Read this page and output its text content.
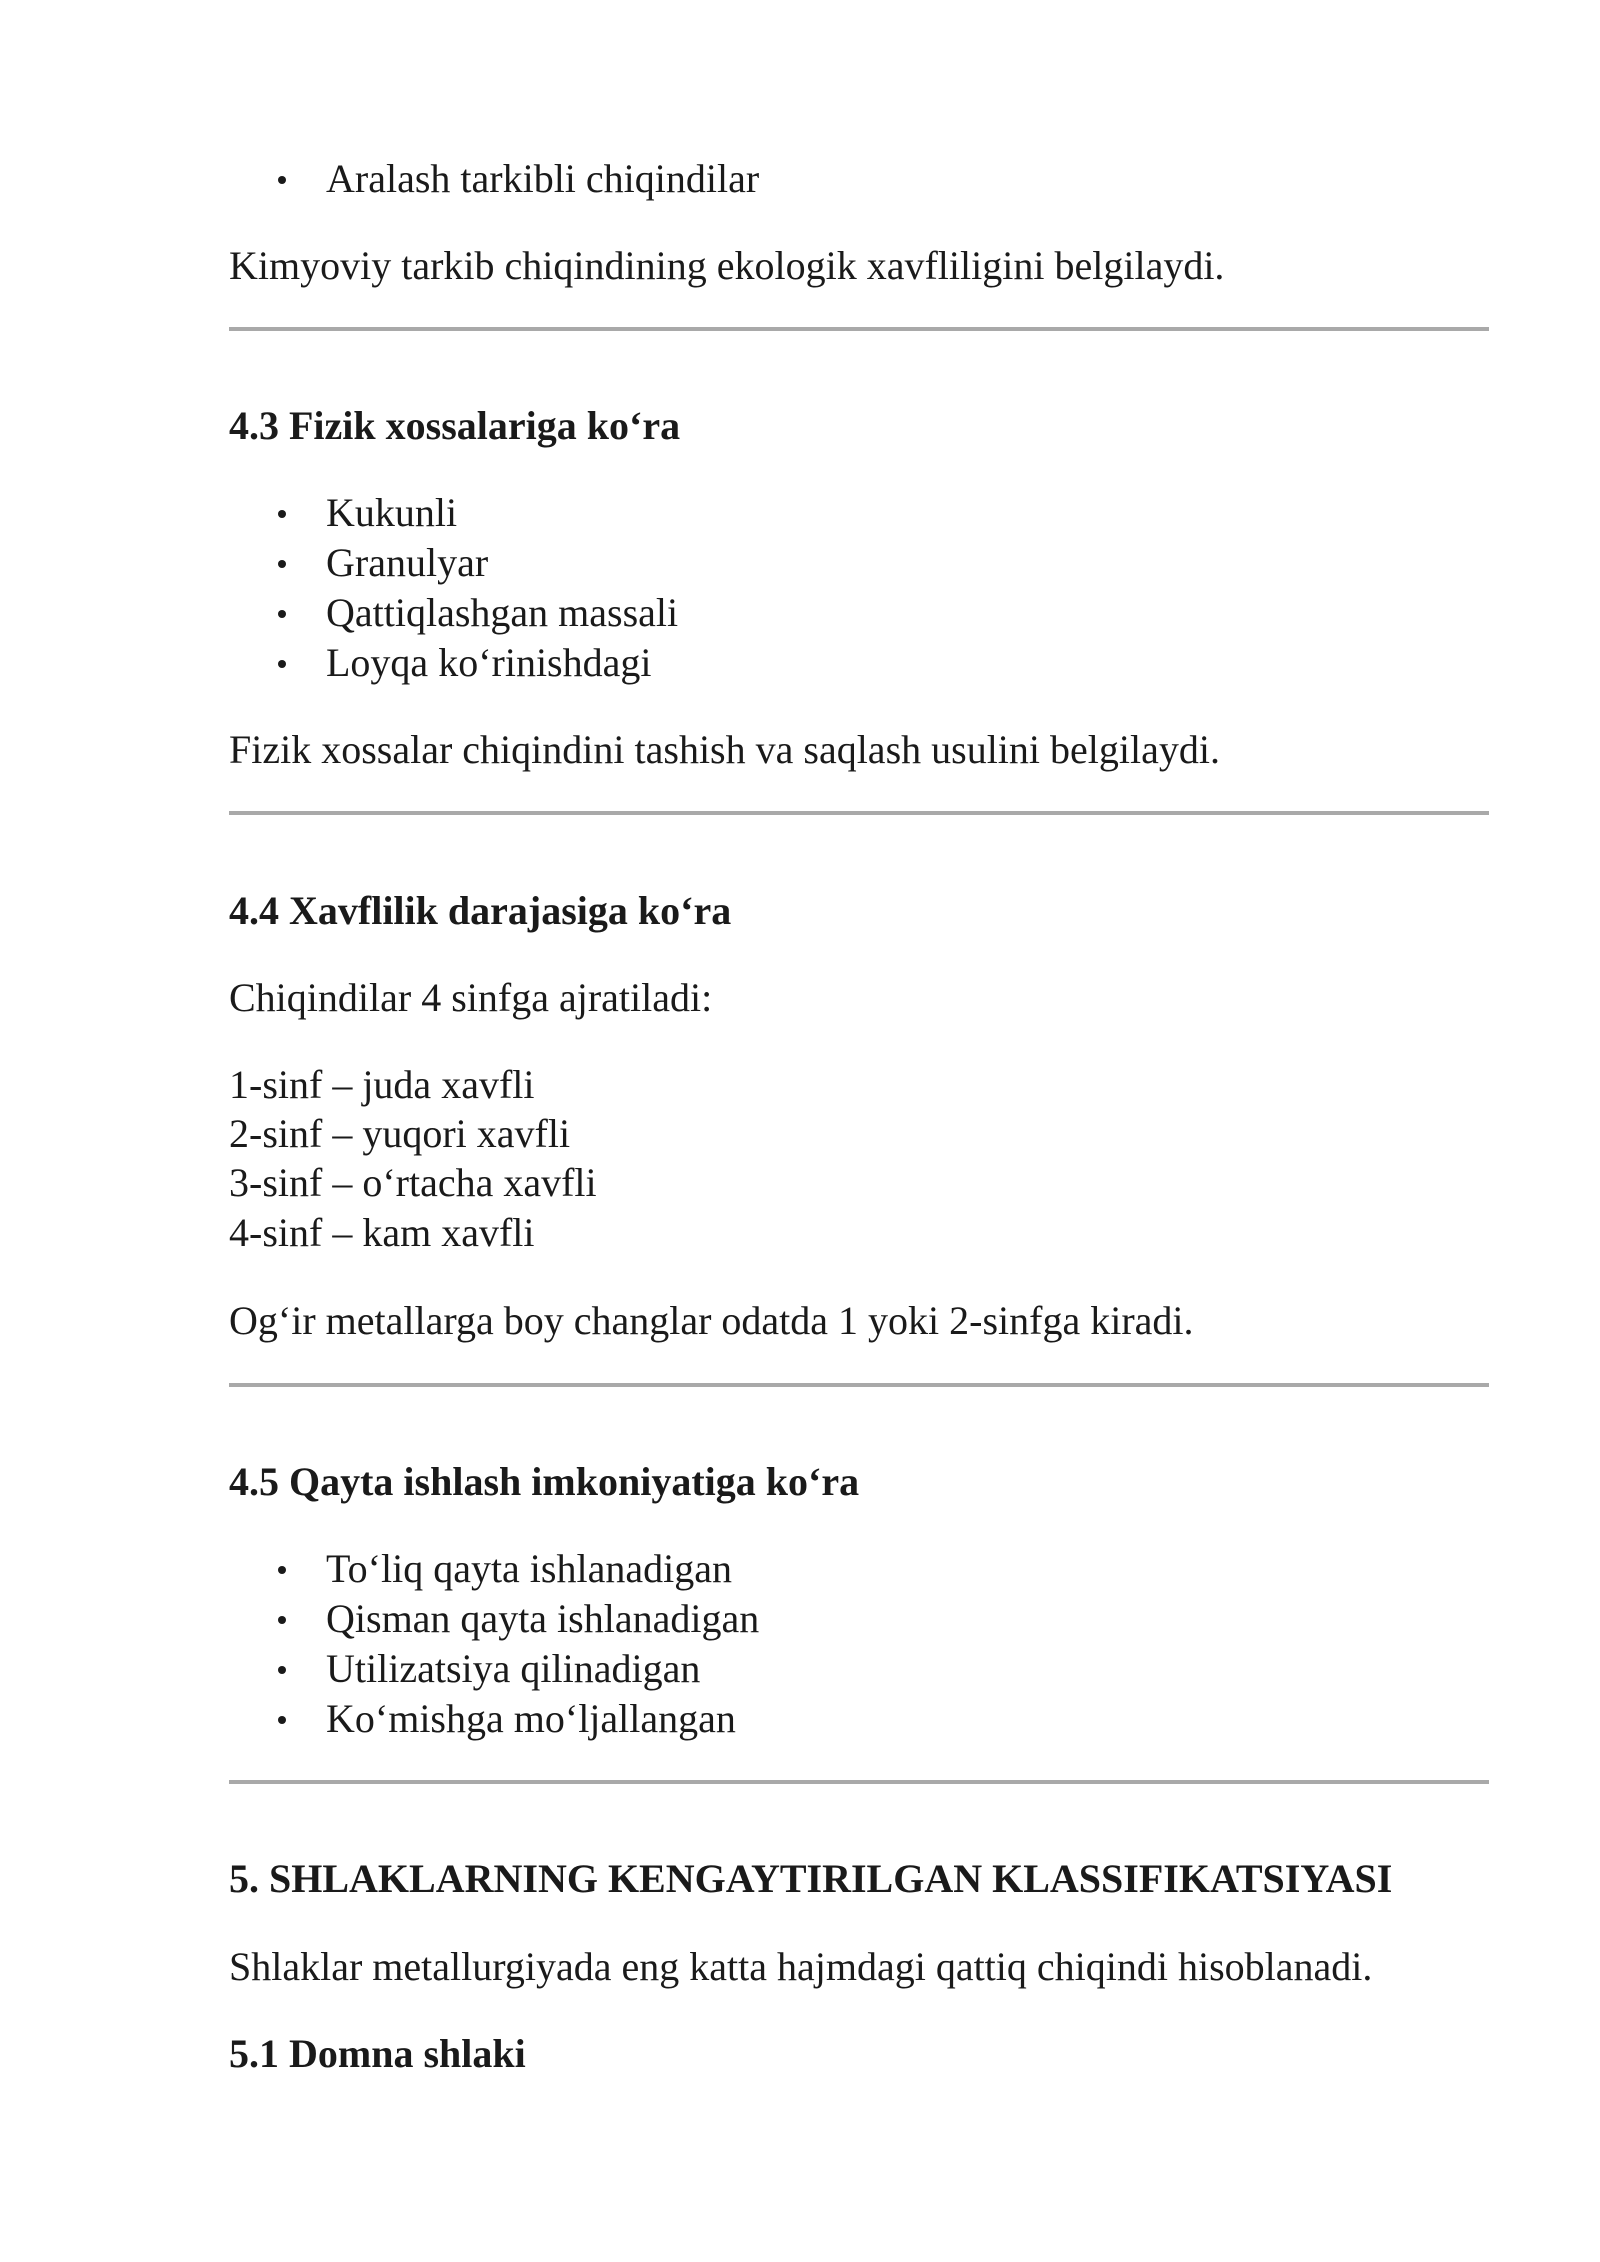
Aralash tarkibli chiqindilar

Kimyoviy tarkib chiqindining ekologik xavfliligini belgilaydi.

4.3 Fizik xossalariga ko‘ra

Kukunli

Granulyar

Qattiqlashgan massali

Loyqa ko‘rinishdagi

Fizik xossalar chiqindini tashish va saqlash usulini belgilaydi.

4.4 Xavflilik darajasiga ko‘ra

Chiqindilar 4 sinfga ajratiladi:

1-sinf – juda xavfli

2-sinf – yuqori xavfli

3-sinf – o‘rtacha xavfli

4-sinf – kam xavfli

Og‘ir metallarga boy changlar odatda 1 yoki 2-sinfga kiradi.

4.5 Qayta ishlash imkoniyatiga ko‘ra

To‘liq qayta ishlanadigan

Qisman qayta ishlanadigan

Utilizatsiya qilinadigan

Ko‘mishga mo‘ljallangan

5. SHLAKLARNING KENGAYTIRILGAN KLASSIFIKATSIYASI

Shlaklar metallurgiyada eng katta hajmdagi qattiq chiqindi hisoblanadi.

5.1 Domna shlaki
